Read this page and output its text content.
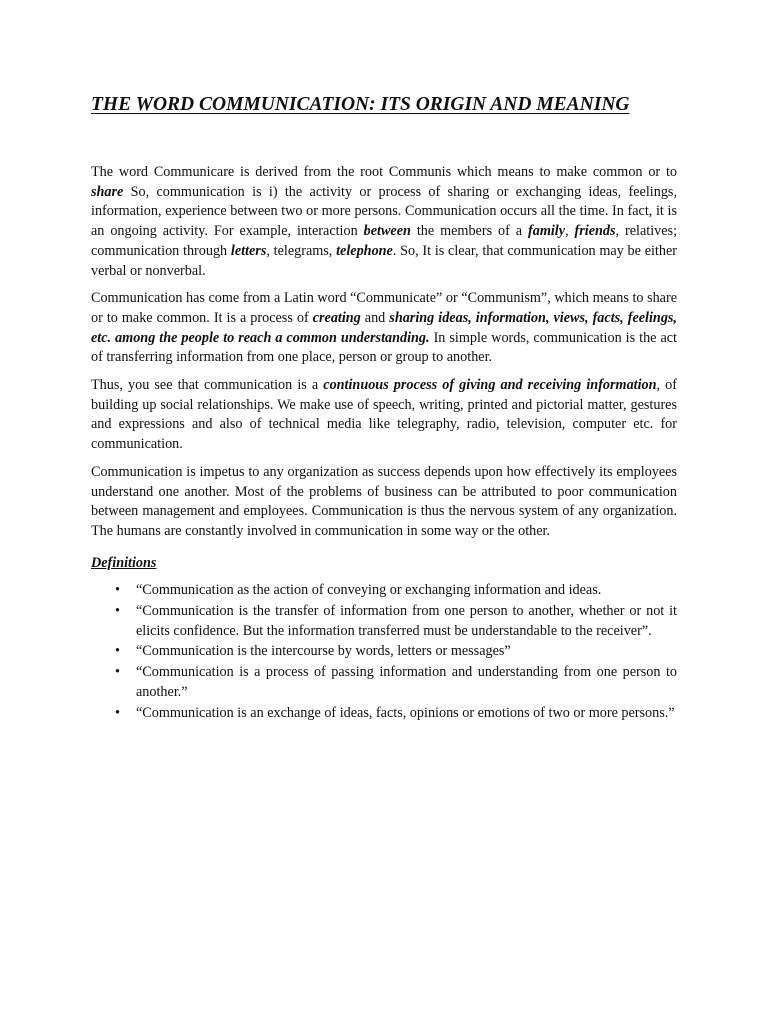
THE WORD COMMUNICATION: ITS ORIGIN AND MEANING

The word Communicare is derived from the root Communis which means to make common or to share So, communication is i) the activity or process of sharing or exchanging ideas, feelings, information, experience between two or more persons. Communication occurs all the time. In fact, it is an ongoing activity. For example, interaction between the members of a family, friends, relatives; communication through letters, telegrams, telephone. So, It is clear, that communication may be either verbal or nonverbal.

Communication has come from a Latin word “Communicate” or “Communism”, which means to share or to make common. It is a process of creating and sharing ideas, information, views, facts, feelings, etc. among the people to reach a common understanding. In simple words, communication is the act of transferring information from one place, person or group to another.

Thus, you see that communication is a continuous process of giving and receiving information, of building up social relationships. We make use of speech, writing, printed and pictorial matter, gestures and expressions and also of technical media like telegraphy, radio, television, computer etc. for communication.

Communication is impetus to any organization as success depends upon how effectively its employees understand one another. Most of the problems of business can be attributed to poor communication between management and employees. Communication is thus the nervous system of any organization. The humans are constantly involved in communication in some way or the other.

Definitions
• “Communication as the action of conveying or exchanging information and ideas.
• “Communication is the transfer of information from one person to another, whether or not it elicits confidence. But the information transferred must be understandable to the receiver”.
• “Communication is the intercourse by words, letters or messages”
• “Communication is a process of passing information and understanding from one person to another.”
• “Communication is an exchange of ideas, facts, opinions or emotions of two or more persons.”
